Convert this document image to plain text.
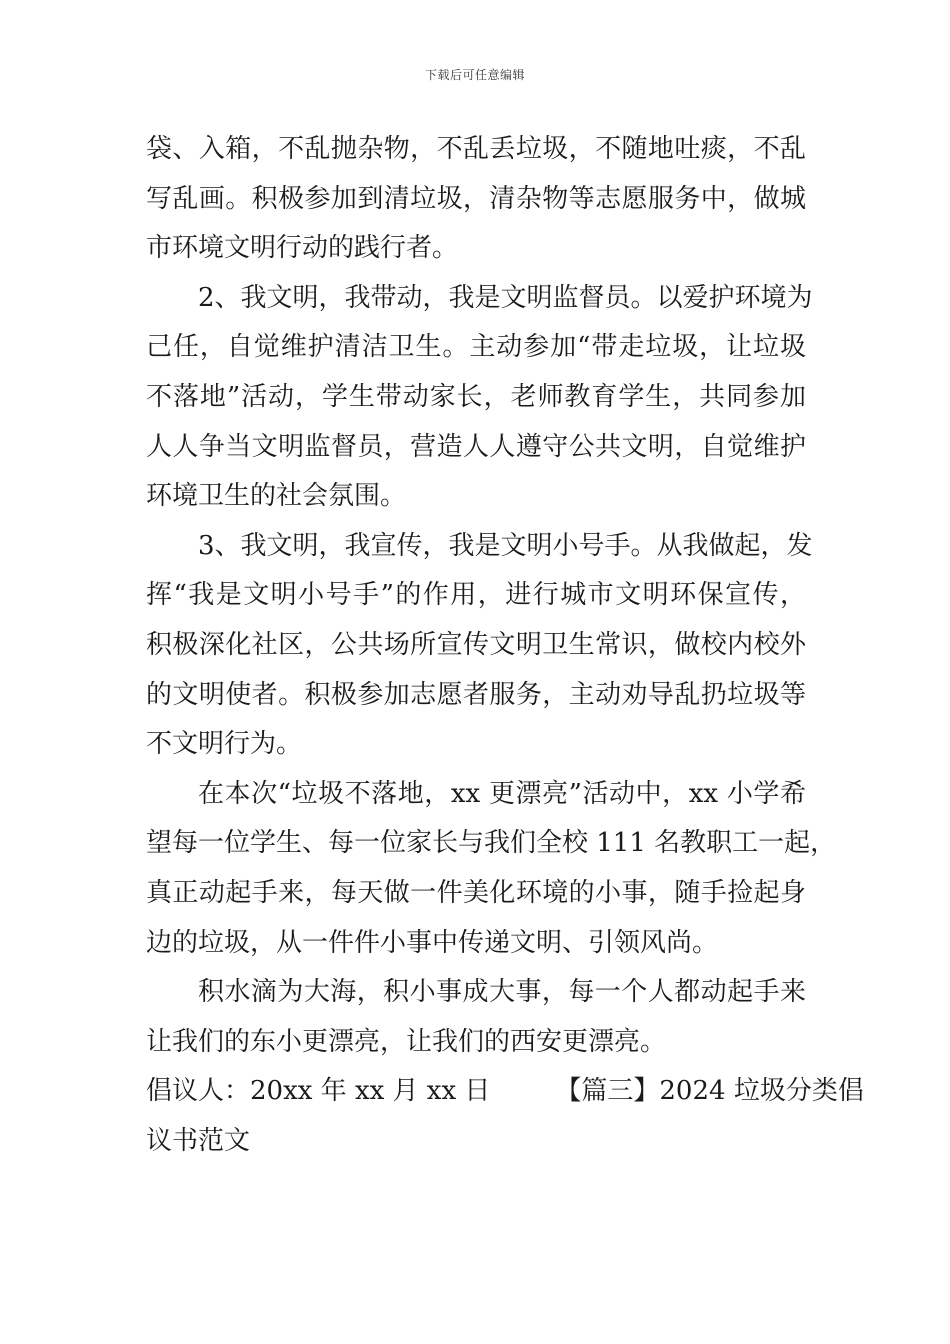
下载后可任意编辑
袋、入箱，不乱抛杂物，不乱丢垃圾，不随地吐痰，不乱
写乱画。积极参加到清垃圾，清杂物等志愿服务中，做城
市环境文明行动的践行者。
2、我文明，我带动，我是文明监督员。以爱护环境为
己任，自觉维护清洁卫生。主动参加“带走垃圾，让垃圾
不落地”活动，学生带动家长，老师教育学生，共同参加
人人争当文明监督员，营造人人遵守公共文明，自觉维护
环境卫生的社会氛围。
3、我文明，我宣传，我是文明小号手。从我做起，发
挥“我是文明小号手”的作用，进行城市文明环保宣传，
积极深化社区，公共场所宣传文明卫生常识，做校内校外
的文明使者。积极参加志愿者服务，主动劝导乱扔垃圾等
不文明行为。
在本次“垃圾不落地，xx 更漂亮”活动中，xx 小学希
望每一位学生、每一位家长与我们全校 111 名教职工一起，
真正动起手来，每天做一件美化环境的小事，随手捡起身
边的垃圾，从一件件小事中传递文明、引领风尚。
积水滴为大海，积小事成大事，每一个人都动起手来
让我们的东小更漂亮，让我们的西安更漂亮。
倡议人：20xx 年 xx 月 xx 日　　　【篇三】2024 垃圾分类倡
议书范文
